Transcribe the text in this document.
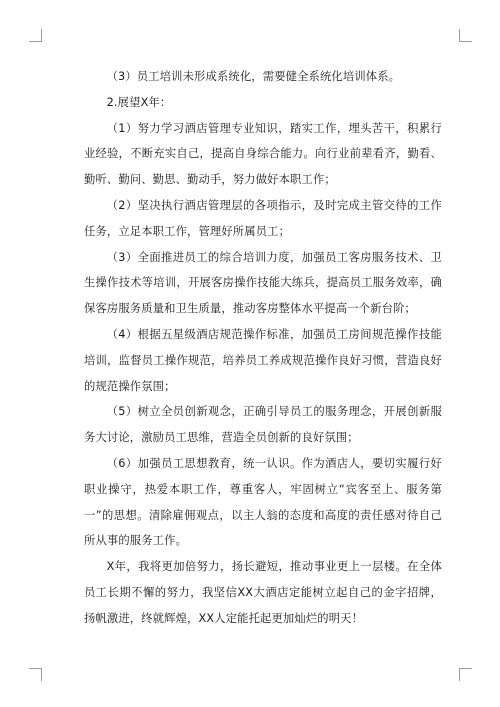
（3）员工培训未形成系统化，需要健全系统化培训体系。

2.展望X年：

（1）努力学习酒店管理专业知识，踏实工作，埋头苦干，积累行业经验，不断充实自己，提高自身综合能力。向行业前辈看齐，勤看、勤听、勤问、勤思、勤动手，努力做好本职工作；

（2）坚决执行酒店管理层的各项指示，及时完成主管交待的工作任务，立足本职工作，管理好所属员工；

（3）全面推进员工的综合培训力度，加强员工客房服务技术、卫生操作技术等培训，开展客房操作技能大练兵，提高员工服务效率，确保客房服务质量和卫生质量，推动客房整体水平提高一个新台阶；

（4）根据五星级酒店规范操作标准，加强员工房间规范操作技能培训，监督员工操作规范，培养员工养成规范操作良好习惯，营造良好的规范操作氛围；

（5）树立全员创新观念，正确引导员工的服务理念，开展创新服务大讨论，激励员工思维，营造全员创新的良好氛围；

（6）加强员工思想教育，统一认识。作为酒店人，要切实履行好职业操守，热爱本职工作，尊重客人，牢固树立“宾客至上、服务第一”的思想。清除雇佣观点，以主人翁的态度和高度的责任感对待自己所从事的服务工作。

X年，我将更加倍努力，扬长避短，推动事业更上一层楼。在全体员工长期不懈的努力，我坚信XX大酒店定能树立起自己的金字招牌，扬帆激进，终就辉煌，XX人定能托起更加灿烂的明天！
